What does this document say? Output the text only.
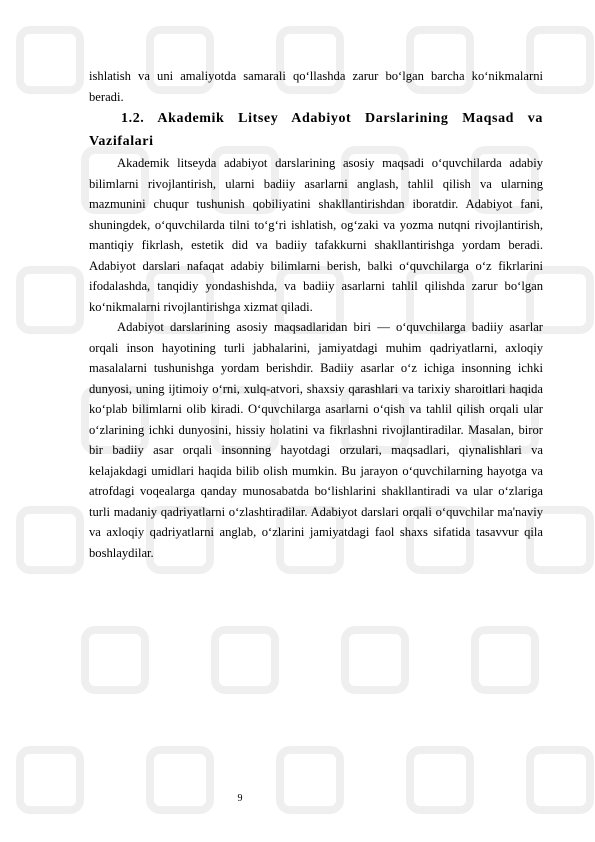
ishlatish va uni amaliyotda samarali qo‘llashda zarur bo‘lgan barcha ko‘nikmalarni beradi.

1.2. Akademik Litsey Adabiyot Darslarining Maqsad va Vazifalari

Akademik litseyda adabiyot darslarining asosiy maqsadi o‘quvchilarda adabiy bilimlarni rivojlantirish, ularni badiiy asarlarni anglash, tahlil qilish va ularning mazmunini chuqur tushunish qobiliyatini shakllantirishdan iboratdir. Adabiyot fani, shuningdek, o‘quvchilarda tilni to‘g‘ri ishlatish, og‘zaki va yozma nutqni rivojlantirish, mantiqiy fikrlash, estetik did va badiiy tafakkurni shakllantirishga yordam beradi. Adabiyot darslari nafaqat adabiy bilimlarni berish, balki o‘quvchilarga o‘z fikrlarini ifodalashda, tanqidiy yondashishda, va badiiy asarlarni tahlil qilishda zarur bo‘lgan ko‘nikmalarni rivojlantirishga xizmat qiladi.

Adabiyot darslarining asosiy maqsadlaridan biri — o‘quvchilarga badiiy asarlar orqali inson hayotining turli jabhalarini, jamiyatdagi muhim qadriyatlarni, axloqiy masalalarni tushunishga yordam berishdir. Badiiy asarlar o‘z ichiga insonning ichki dunyosi, uning ijtimoiy o‘rni, xulq-atvori, shaxsiy qarashlari va tarixiy sharoitlari haqida ko‘plab bilimlarni olib kiradi. O‘quvchilarga asarlarni o‘qish va tahlil qilish orqali ular o‘zlarining ichki dunyosini, hissiy holatini va fikrlashni rivojlantiradilar. Masalan, biror bir badiiy asar orqali insonning hayotdagi orzulari, maqsadlari, qiynalishlari va kelajakdagi umidlari haqida bilib olish mumkin. Bu jarayon o‘quvchilarning hayotga va atrofdagi voqealarga qanday munosabatda bo‘lishlarini shakllantiradi va ular o‘zlariga turli madaniy qadriyatlarni o‘zlashtiradilar. Adabiyot darslari orqali o‘quvchilar ma'naviy va axloqiy qadriyatlarni anglab, o‘zlarini jamiyatdagi faol shaxs sifatida tasavvur qila boshlaydilar.

9
